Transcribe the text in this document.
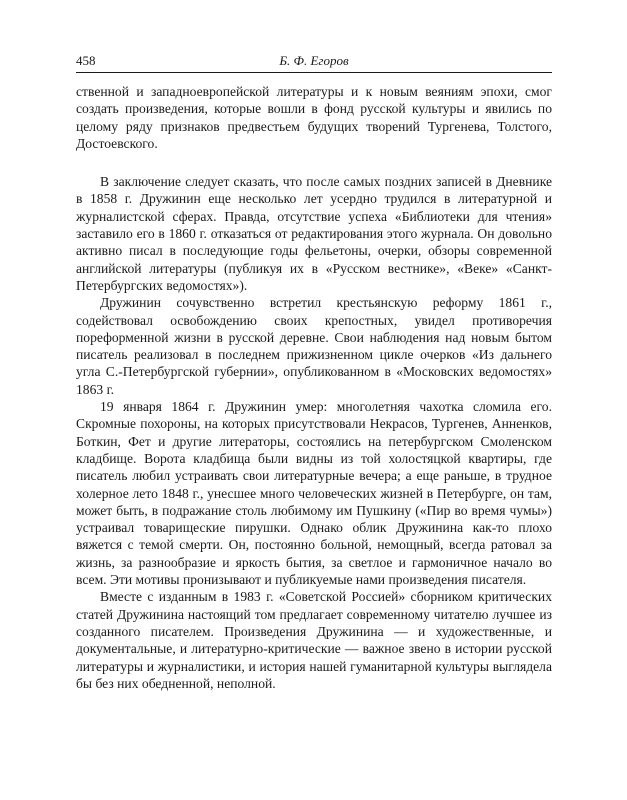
458	Б. Ф. Егоров

ственной и западноевропейской литературы и к новым веяниям эпохи, смог создать произведения, которые вошли в фонд русской культуры и явились по целому ряду признаков предвестьем будущих творений Тургенева, Толстого, Достоевского.

В заключение следует сказать, что после самых поздних записей в Дневнике в 1858 г. Дружинин еще несколько лет усердно трудился в литературной и журналистской сферах. Правда, отсутствие успеха «Библиотеки для чтения» заставило его в 1860 г. отказаться от редактирования этого журнала. Он довольно активно писал в последующие годы фельетоны, очерки, обзоры современной английской литературы (публикуя их в «Русском вестнике», «Веке» «Санкт-Петербургских ведомостях»).

Дружинин сочувственно встретил крестьянскую реформу 1861 г., содействовал освобождению своих крепостных, увидел противоречия пореформенной жизни в русской деревне. Свои наблюдения над новым бытом писатель реализовал в последнем прижизненном цикле очерков «Из дальнего угла С.-Петербургской губернии», опубликованном в «Московских ведомостях» 1863 г.

19 января 1864 г. Дружинин умер: многолетняя чахотка сломила его. Скромные похороны, на которых присутствовали Некрасов, Тургенев, Анненков, Боткин, Фет и другие литераторы, состоялись на петербургском Смоленском кладбище. Ворота кладбища были видны из той холостяцкой квартиры, где писатель любил устраивать свои литературные вечера; а еще раньше, в трудное холерное лето 1848 г., унесшее много человеческих жизней в Петербурге, он там, может быть, в подражание столь любимому им Пушкину («Пир во время чумы») устраивал товарищеские пирушки. Однако облик Дружинина как-то плохо вяжется с темой смерти. Он, постоянно больной, немощный, всегда ратовал за жизнь, за разнообразие и яркость бытия, за светлое и гармоничное начало во всем. Эти мотивы пронизывают и публикуемые нами произведения писателя.

Вместе с изданным в 1983 г. «Советской Россией» сборником критических статей Дружинина настоящий том предлагает современному читателю лучшее из созданного писателем. Произведения Дружинина — и художественные, и документальные, и литературно-критические — важное звено в истории русской литературы и журналистики, и история нашей гуманитарной культуры выглядела бы без них обедненной, неполной.
